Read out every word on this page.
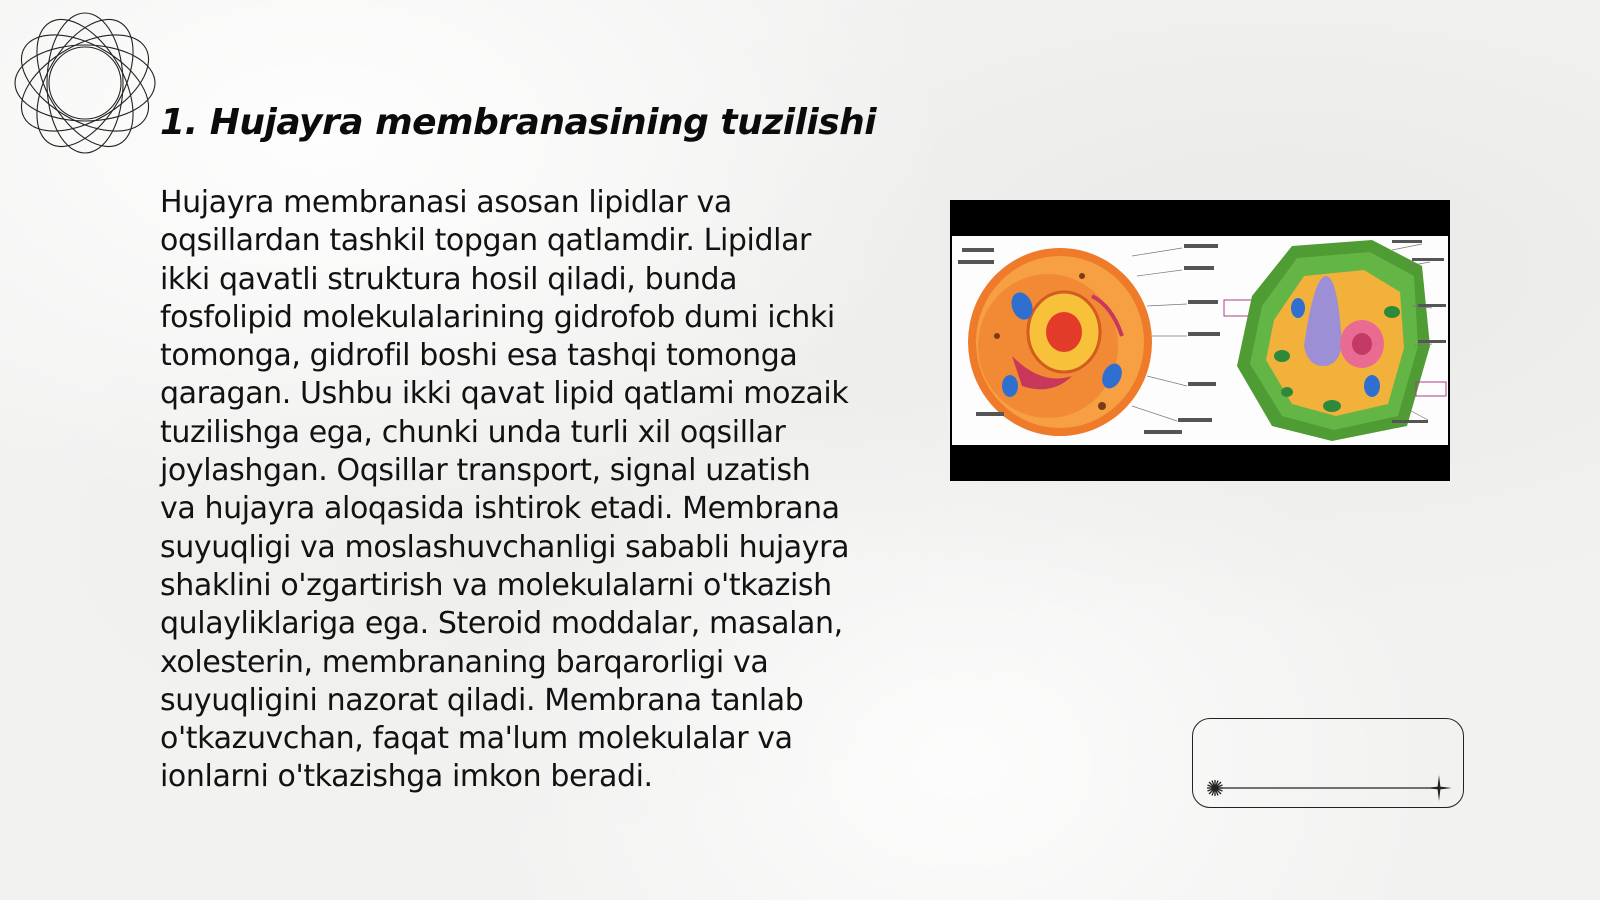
1. Hujayra membranasining tuzilishi

Hujayra membranasi asosan lipidlar va oqsillardan tashkil topgan qatlamdir. Lipidlar ikki qavatli struktura hosil qiladi, bunda fosfolipid molekulalarining gidrofob dumi ichki tomonga, gidrofil boshi esa tashqi tomonga qaragan. Ushbu ikki qavat lipid qatlami mozaik tuzilishga ega, chunki unda turli xil oqsillar joylashgan. Oqsillar transport, signal uzatish va hujayra aloqasida ishtirok etadi. Membrana suyuqligi va moslashuvchanligi sababli hujayra shaklini o'zgartirish va molekulalarni o'tkazish qulayliklariga ega. Steroid moddalar, masalan, xolesterin, membrananing barqarorligi va suyuqligini nazorat qiladi. Membrana tanlab o'tkazuvchan, faqat ma'lum molekulalar va ionlarni o'tkazishga imkon beradi.
